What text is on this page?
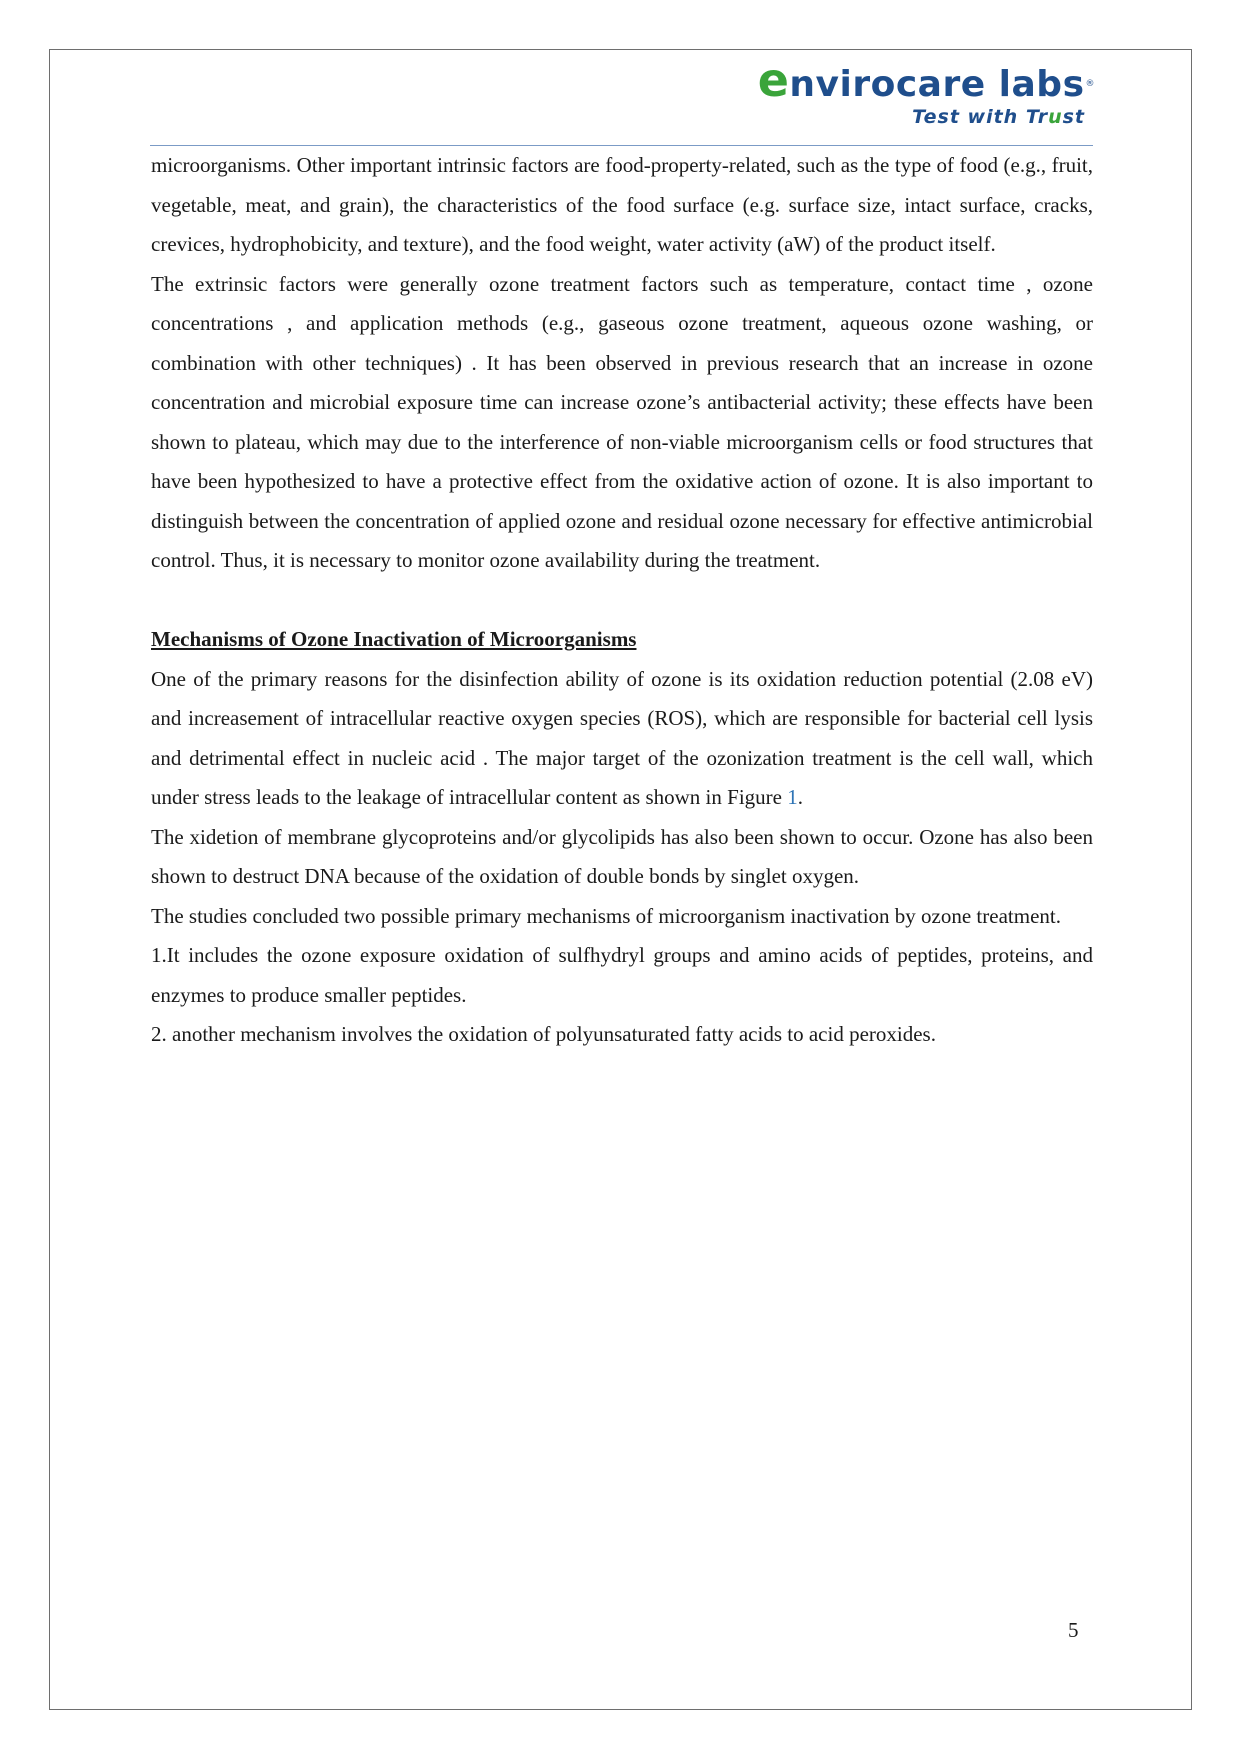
envirocare labs®
Test with Trust

microorganisms. Other important intrinsic factors are food-property-related, such as the type of food (e.g., fruit, vegetable, meat, and grain), the characteristics of the food surface (e.g. surface size, intact surface, cracks, crevices, hydrophobicity, and texture), and the food weight, water activity (aW) of the product itself.

The extrinsic factors were generally ozone treatment factors such as temperature, contact time , ozone concentrations , and application methods (e.g., gaseous ozone treatment, aqueous ozone washing, or combination with other techniques) . It has been observed in previous research that an increase in ozone concentration and microbial exposure time can increase ozone’s antibacterial activity; these effects have been shown to plateau, which may due to the interference of non-viable microorganism cells or food structures that have been hypothesized to have a protective effect from the oxidative action of ozone. It is also important to distinguish between the concentration of applied ozone and residual ozone necessary for effective antimicrobial control. Thus, it is necessary to monitor ozone availability during the treatment.

Mechanisms of Ozone Inactivation of Microorganisms

One of the primary reasons for the disinfection ability of ozone is its oxidation reduction potential (2.08 eV) and increasement of intracellular reactive oxygen species (ROS), which are responsible for bacterial cell lysis and detrimental effect in nucleic acid . The major target of the ozonization treatment is the cell wall, which under stress leads to the leakage of intracellular content as shown in Figure 1.

The xidetion of membrane glycoproteins and/or glycolipids has also been shown to occur. Ozone has also been shown to destruct DNA because of the oxidation of double bonds by singlet oxygen.

The studies concluded two possible primary mechanisms of microorganism inactivation by ozone treatment.

1.It includes the ozone exposure oxidation of sulfhydryl groups and amino acids of peptides, proteins, and enzymes to produce smaller peptides.

2. another mechanism involves the oxidation of polyunsaturated fatty acids to acid peroxides.

5
